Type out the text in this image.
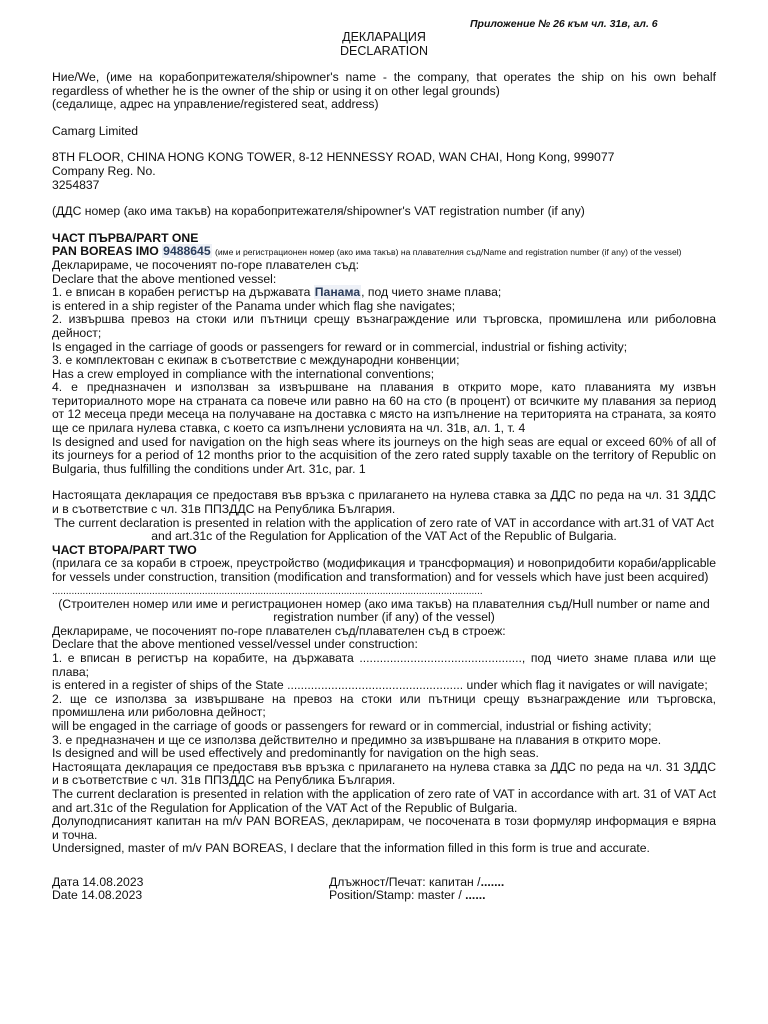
Приложение № 26 към чл. 31в, ал. 6
ДЕКЛАРАЦИЯ
DECLARATION

Ние/We, (име на корабопритежателя/shipowner's name - the company, that operates the ship on his own behalf regardless of whether he is the owner of the ship or using it on other legal grounds)

(седалище, адрес на управление/registered seat, address)

Camarg Limited

8TH FLOOR, CHINA HONG KONG TOWER, 8-12 HENNESSY ROAD, WAN CHAI, Hong Kong, 999077

Company Reg. No.

3254837

(ДДС номер (ако има такъв) на корабопритежателя/shipowner's VAT registration number (if any)

ЧАСТ ПЪРВА/PART ONE

PAN BOREAS IMO 9488645 (име и регистрационен номер (ако има такъв) на плавателния съд/Name and registration number (if any) of the vessel)

Декларираме, че посоченият по-горе плавателен съд:

Declare that the above mentioned vessel:

1. е вписан в корабен регистър на държавата Панама, под чието знаме плава;

is entered in a ship register of the Panama under which flag she navigates;

2. извършва превоз на стоки или пътници срещу възнаграждение или търговска, промишлена или риболовна дейност;

Is engaged in the carriage of goods or passengers for reward or in commercial, industrial or fishing activity;

3. е комплектован с екипаж в съответствие с международни конвенции;

Has a crew employed in compliance with the international conventions;

4. е предназначен и използван за извършване на плавания в открито море, като плаванията му извън териториалното море на страната са повече или равно на 60 на сто (в процент) от всичките му плавания за период от 12 месеца преди месеца на получаване на доставка с място на изпълнение на територията на страната, за която ще се прилага нулева ставка, с което са изпълнени условията на чл. 31в, ал. 1, т. 4

Is designed and used for navigation on the high seas where its journeys on the high seas are equal or exceed 60% of all of its journeys for a period of 12 months prior to the acquisition of the zero rated supply taxable on the territory of Republic on Bulgaria, thus fulfilling the conditions under Art. 31c, par. 1

Настоящата декларация се предоставя във връзка с прилагането на нулева ставка за ДДС по реда на чл. 31 ЗДДС и в съответствие с чл. 31в ППЗДДС на Република България.

The current declaration is presented in relation with the application of zero rate of VAT in accordance with art.31 of VAT Act and art.31c of the Regulation for Application of the VAT Act of the Republic of Bulgaria.

ЧАСТ ВТОРА/PART TWO

(прилага се за кораби в строеж, преустройство (модификация и трансформация) и новопридобити кораби/applicable for vessels under construction, transition (modification and transformation) and for vessels which have just been acquired)

...........................................................................................................................................................

(Строителен номер или име и регистрационен номер (ако има такъв) на плавателния съд/Hull number or name and registration number (if any) of the vessel)

Декларираме, че посоченият по-горе плавателен съд/плавателен съд в строеж:

Declare that the above mentioned vessel/vessel under construction:

1. е вписан в регистър на корабите, на държавата ................................................, под чието знаме плава или ще плава;

is entered in a register of ships of the State .................................................... under which flag it navigates or will navigate;

2. ще се използва за извършване на превоз на стоки или пътници срещу възнаграждение или търговска, промишлена или риболовна дейност;

will be engaged in the carriage of goods or passengers for reward or in commercial, industrial or fishing activity;

3. е предназначен и ще се използва действително и предимно за извършване на плавания в открито море.

Is designed and will be used effectively and predominantly for navigation on the high seas.

Настоящата декларация се предоставя във връзка с прилагането на нулева ставка за ДДС по реда на чл. 31 ЗДДС и в съответствие с чл. 31в ППЗДДС на Република България.

The current declaration is presented in relation with the application of zero rate of VAT in accordance with art. 31 of VAT Act and art.31c of the Regulation for Application of the VAT Act of the Republic of Bulgaria.

Долуподписаният капитан на m/v PAN BOREAS, декларирам, че посочената в този формуляр информация е вярна и точна.

Undersigned, master of m/v PAN BOREAS, I declare that the information filled in this form is true and accurate.

Дата 14.08.2023
Date 14.08.2023
Длъжност/Печат: капитан /.......
Position/Stamp: master / ......
